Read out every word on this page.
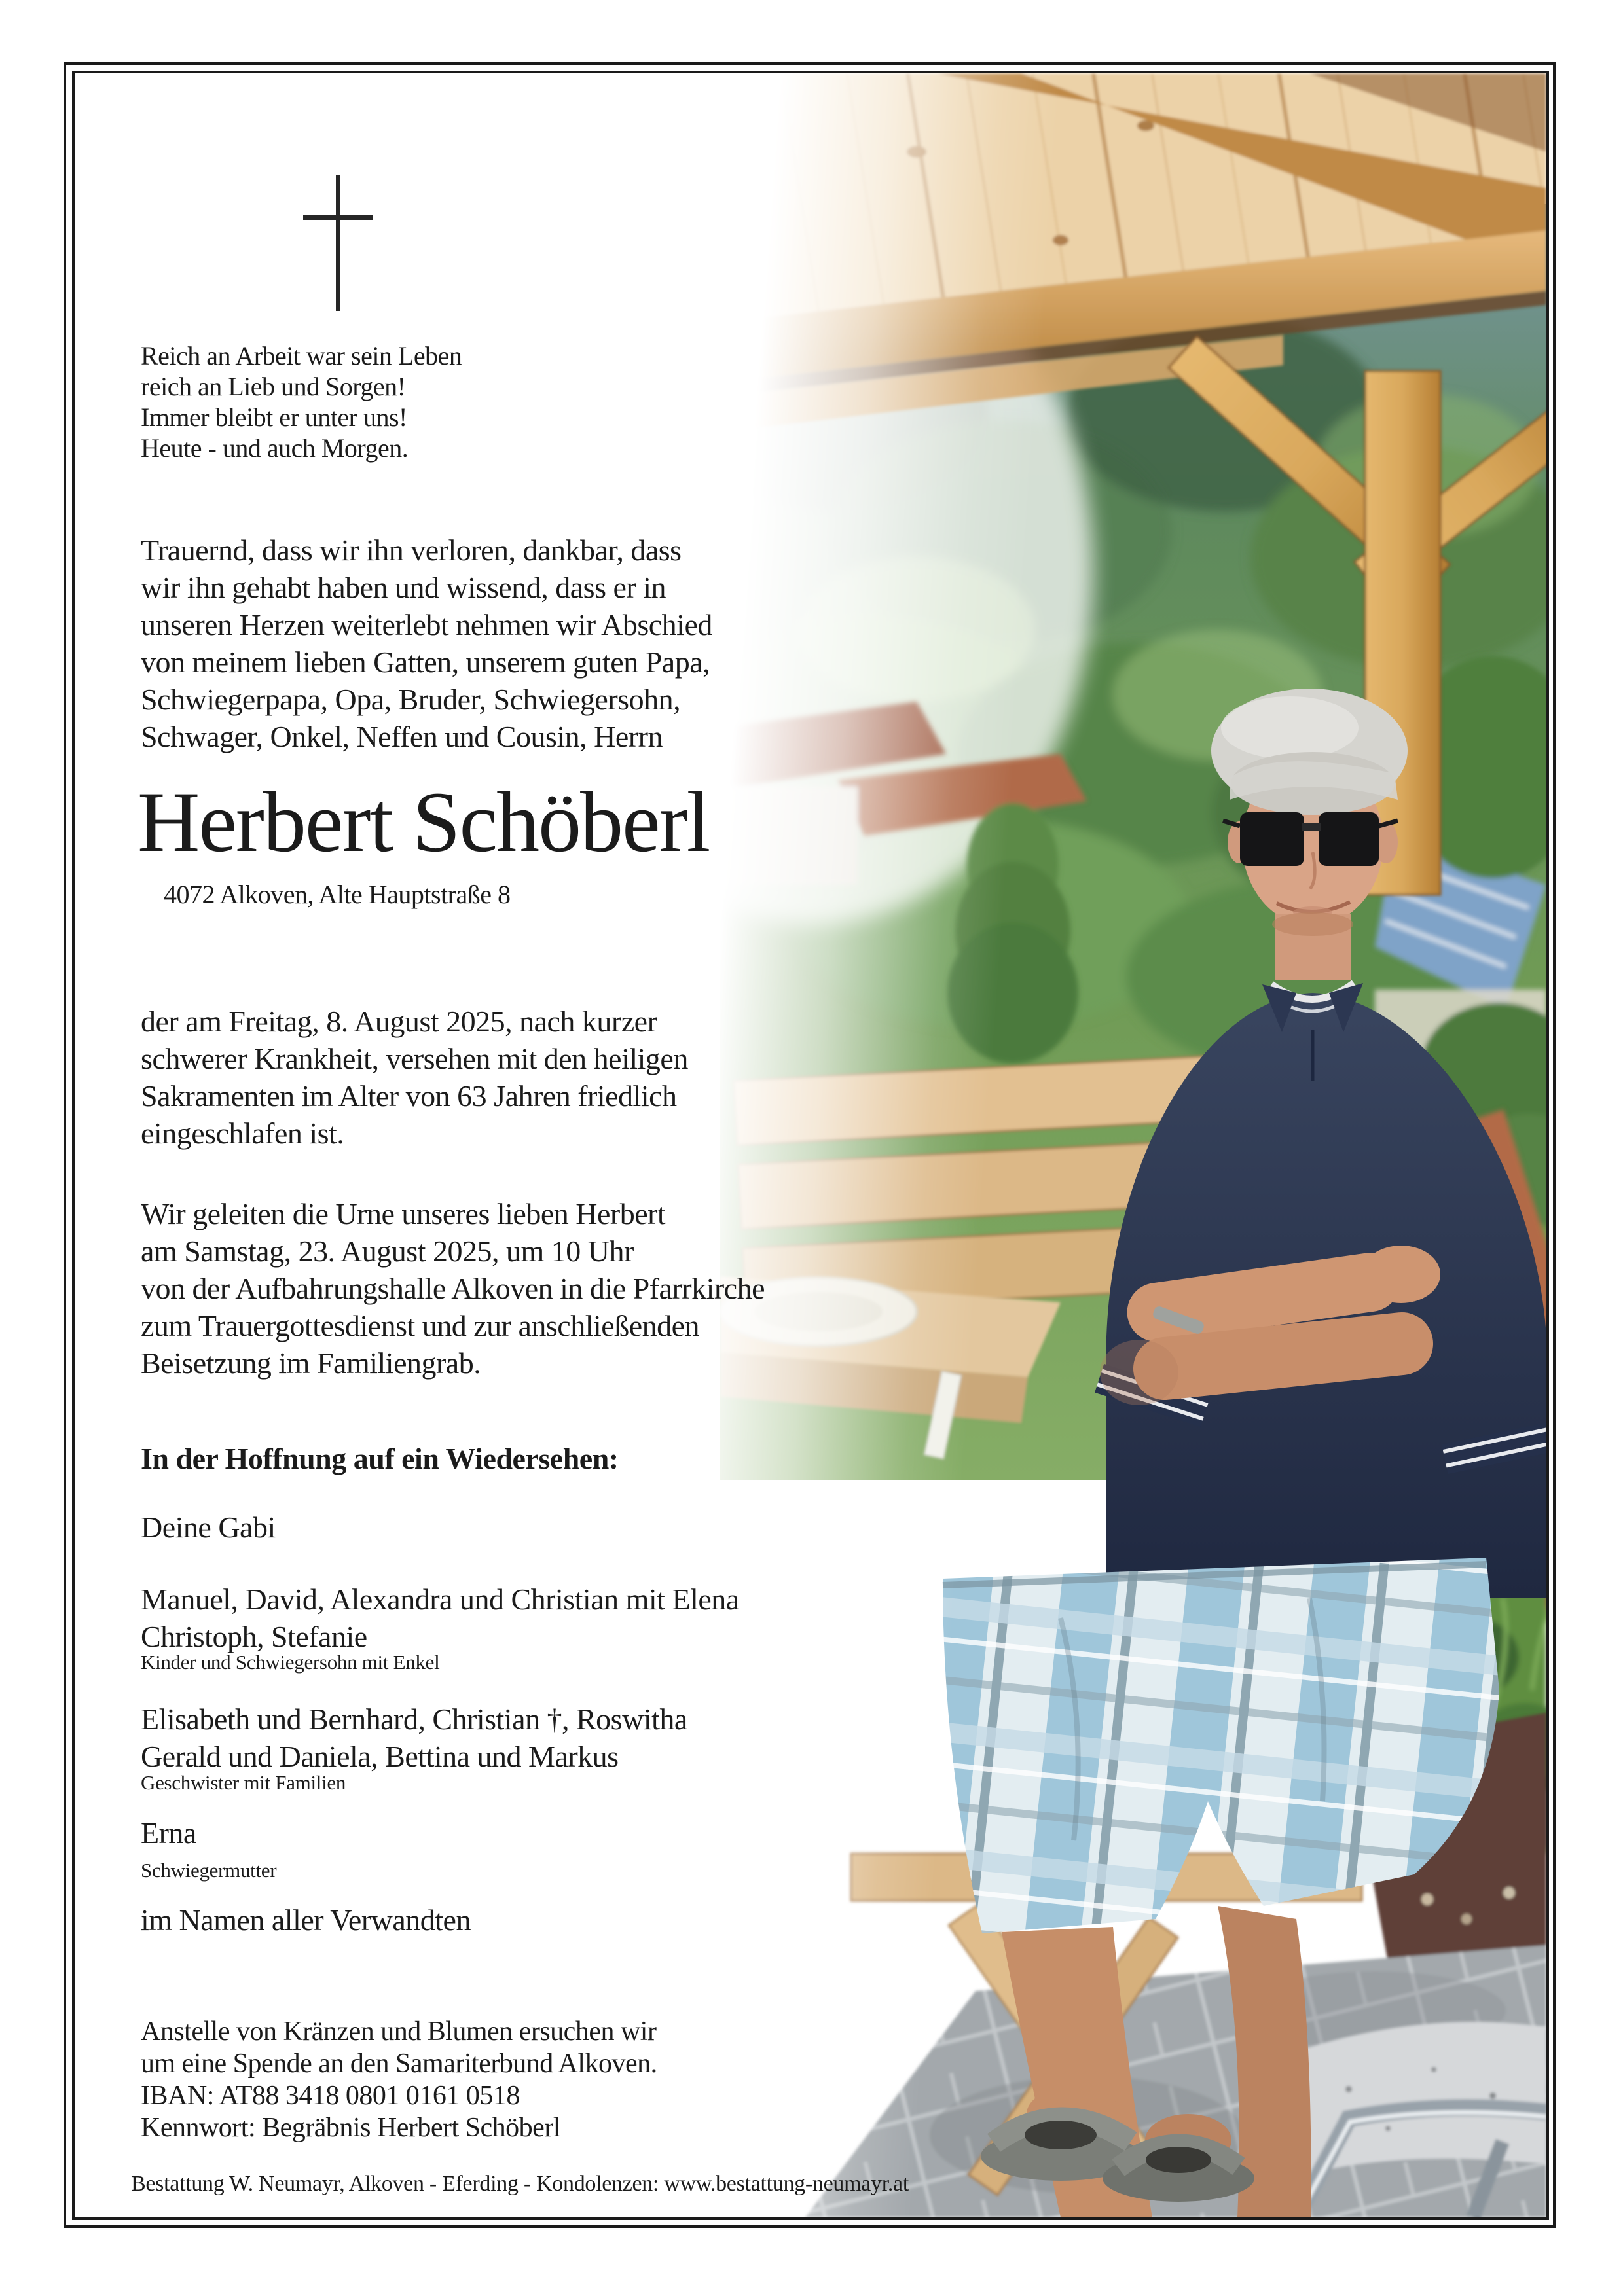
Reich an Arbeit war sein Leben
reich an Lieb und Sorgen!
Immer bleibt er unter uns!
Heute - und auch Morgen.
Trauernd, dass wir ihn verloren, dankbar, dass
wir ihn gehabt haben und wissend, dass er in
unseren Herzen weiterlebt nehmen wir Abschied
von meinem lieben Gatten, unserem guten Papa,
Schwiegerpapa, Opa, Bruder, Schwiegersohn,
Schwager, Onkel, Neffen und Cousin, Herrn
Herbert Schöberl
4072 Alkoven, Alte Hauptstraße 8
der am Freitag, 8. August 2025, nach kurzer
schwerer Krankheit, versehen mit den heiligen
Sakramenten im Alter von 63 Jahren friedlich
eingeschlafen ist.
Wir geleiten die Urne unseres lieben Herbert
am Samstag, 23. August 2025, um 10 Uhr
von der Aufbahrungshalle Alkoven in die Pfarrkirche
zum Trauergottesdienst und zur anschließenden
Beisetzung im Familiengrab.
In der Hoffnung auf ein Wiedersehen:
Deine Gabi
Manuel, David, Alexandra und Christian mit Elena
Christoph, Stefanie
Kinder und Schwiegersohn mit Enkel
Elisabeth und Bernhard, Christian †, Roswitha
Gerald und Daniela, Bettina und Markus
Geschwister mit Familien
Erna
Schwiegermutter
im Namen aller Verwandten
Anstelle von Kränzen und Blumen ersuchen wir
um eine Spende an den Samariterbund Alkoven.
IBAN: AT88 3418 0801 0161 0518
Kennwort: Begräbnis Herbert Schöberl
Bestattung W. Neumayr, Alkoven - Eferding - Kondolenzen: www.bestattung-neumayr.at
